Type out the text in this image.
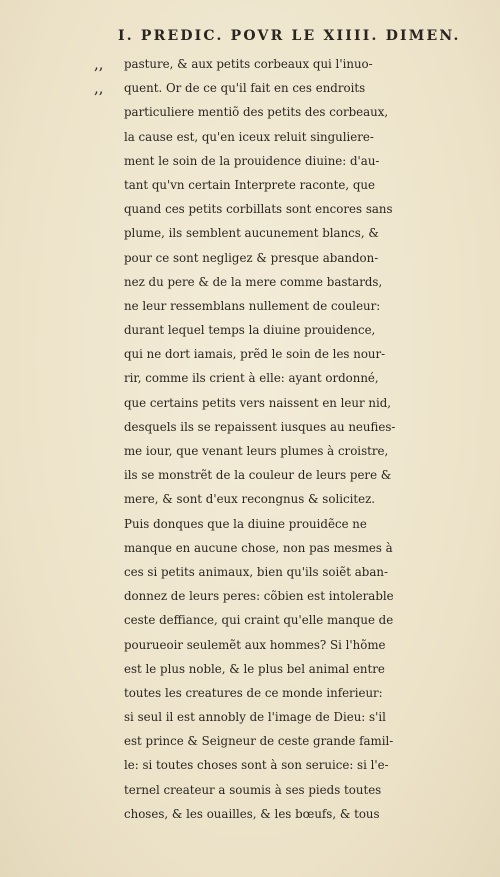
I. PREDIC. POVR LE XIIII. DIMEN.
,,	pasture, & aux petits corbeaux qui l'inuo-
,,	quent. Or de ce qu'il fait en ces endroits
particuliere mentiõ des petits des corbeaux,
la cause est, qu'en iceux reluit singuliere-
ment le soin de la prouidence diuine: d'au-
tant qu'vn certain Interprete raconte, que
quand ces petits corbillats sont encores sans
plume, ils semblent aucunement blancs, &
pour ce sont negligez & presque abandon-
nez du pere & de la mere comme bastards,
ne leur ressemblans nullement de couleur:
durant lequel temps la diuine prouidence,
qui ne dort iamais, prẽd le soin de les nour-
rir, comme ils crient à elle: ayant ordonné,
que certains petits vers naissent en leur nid,
desquels ils se repaissent iusques au neufies-
me iour, que venant leurs plumes à croistre,
ils se monstrẽt de la couleur de leurs pere &
mere, & sont d'eux recongnus & solicitez.
Puis donques que la diuine prouidẽce ne
manque en aucune chose, non pas mesmes à
ces si petits animaux, bien qu'ils soiẽt aban-
donnez de leurs peres: cõbien est intolerable
ceste deffiance, qui craint qu'elle manque de
pourueoir seulemẽt aux hommes? Si l'hõme
est le plus noble, & le plus bel animal entre
toutes les creatures de ce monde inferieur:
si seul il est annobly de l'image de Dieu: s'il
est prince & Seigneur de ceste grande famil-
le: si toutes choses sont à son seruice: si l'e-
ternel createur a soumis à ses pieds toutes
choses, & les ouailles, & les bœufs, & tous
